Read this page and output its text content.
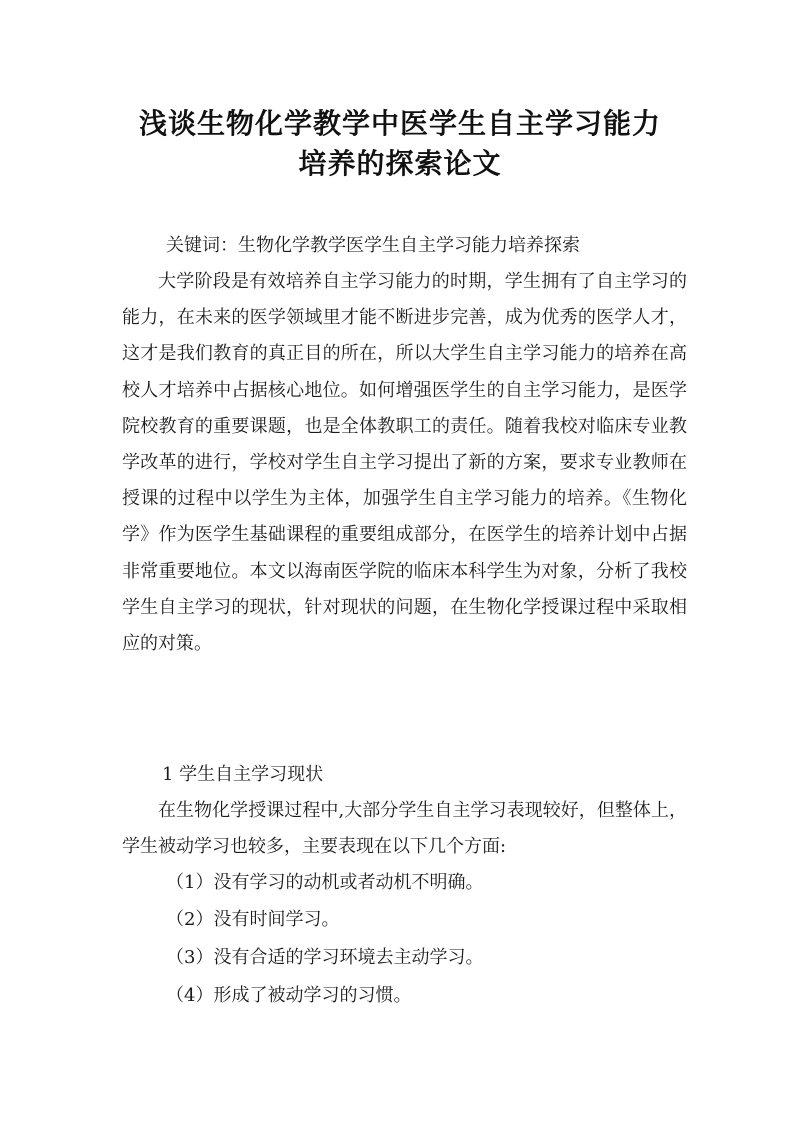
浅谈生物化学教学中医学生自主学习能力
培养的探索论文
关键词：生物化学教学医学生自主学习能力培养探索

大学阶段是有效培养自主学习能力的时期，学生拥有了自主学习的能力，在未来的医学领域里才能不断进步完善，成为优秀的医学人才，这才是我们教育的真正目的所在，所以大学生自主学习能力的培养在高校人才培养中占据核心地位。如何增强医学生的自主学习能力，是医学院校教育的重要课题，也是全体教职工的责任。随着我校对临床专业教学改革的进行，学校对学生自主学习提出了新的方案，要求专业教师在授课的过程中以学生为主体，加强学生自主学习能力的培养。《生物化学》作为医学生基础课程的重要组成部分，在医学生的培养计划中占据非常重要地位。本文以海南医学院的临床本科学生为对象，分析了我校学生自主学习的现状，针对现状的问题，在生物化学授课过程中采取相应的对策。

1 学生自主学习现状

在生物化学授课过程中,大部分学生自主学习表现较好，但整体上，学生被动学习也较多，主要表现在以下几个方面:

（1）没有学习的动机或者动机不明确。
（2）没有时间学习。
（3）没有合适的学习环境去主动学习。
（4）形成了被动学习的习惯。
